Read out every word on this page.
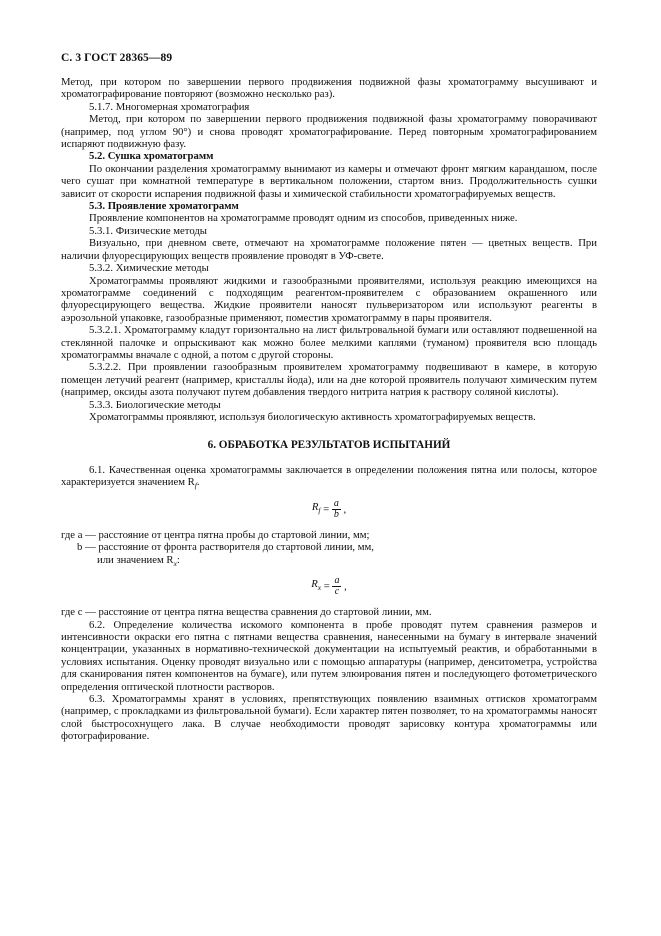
С. 3 ГОСТ 28365—89

Метод, при котором по завершении первого продвижения подвижной фазы хроматограмму высушивают и хроматографирование повторяют (возможно несколько раз).

5.1.7. Многомерная хроматография

Метод, при котором по завершении первого продвижения подвижной фазы хроматограмму поворачивают (например, под углом 90°) и снова проводят хроматографирование. Перед повторным хроматографированием испаряют подвижную фазу.

5.2. Сушка хроматограмм

По окончании разделения хроматограмму вынимают из камеры и отмечают фронт мягким карандашом, после чего сушат при комнатной температуре в вертикальном положении, стартом вниз. Продолжительность сушки зависит от скорости испарения подвижной фазы и химической стабильности хроматографируемых веществ.

5.3. Проявление хроматограмм

Проявление компонентов на хроматограмме проводят одним из способов, приведенных ниже.

5.3.1. Физические методы

Визуально, при дневном свете, отмечают на хроматограмме положение пятен — цветных веществ. При наличии флуоресцирующих веществ проявление проводят в УФ-свете.

5.3.2. Химические методы

Хроматограммы проявляют жидкими и газообразными проявителями, используя реакцию имеющихся на хроматограмме соединений с подходящим реагентом-проявителем с образованием окрашенного или флуоресцирующего вещества. Жидкие проявители наносят пульверизатором или используют реагенты в аэрозольной упаковке, газообразные применяют, поместив хроматограмму в пары проявителя.

5.3.2.1. Хроматограмму кладут горизонтально на лист фильтровальной бумаги или оставляют подвешенной на стеклянной палочке и опрыскивают как можно более мелкими каплями (туманом) проявителя всю площадь хроматограммы вначале с одной, а потом с другой стороны.

5.3.2.2. При проявлении газообразным проявителем хроматограмму подвешивают в камере, в которую помещен летучий реагент (например, кристаллы йода), или на дне которой проявитель получают химическим путем (например, оксиды азота получают путем добавления твердого нитрита натрия к раствору соляной кислоты).

5.3.3. Биологические методы

Хроматограммы проявляют, используя биологическую активность хроматографируемых веществ.

6. ОБРАБОТКА РЕЗУЛЬТАТОВ ИСПЫТАНИЙ

6.1. Качественная оценка хроматограммы заключается в определении положения пятна или полосы, которое характеризуется значением $R_f$.

$R_f = \frac{a}{b}$ ,
где a — расстояние от центра пятна пробы до стартовой линии, мм;
b — расстояние от фронта растворителя до стартовой линии, мм,
или значением $R_x$:
$R_x = \frac{a}{c}$ ,

где c — расстояние от центра пятна вещества сравнения до стартовой линии, мм.

6.2. Определение количества искомого компонента в пробе проводят путем сравнения размеров и интенсивности окраски его пятна с пятнами вещества сравнения, нанесенными на бумагу в интервале значений концентрации, указанных в нормативно-технической документации на испытуемый реактив, и обработанными в условиях испытания. Оценку проводят визуально или с помощью аппаратуры (например, денситометра, устройства для сканирования пятен компонентов на бумаге), или путем элюирования пятен и последующего фотометрического определения оптической плотности растворов.

6.3. Хроматограммы хранят в условиях, препятствующих появлению взаимных оттисков хроматограмм (например, с прокладками из фильтровальной бумаги). Если характер пятен позволяет, то на хроматограммы наносят слой быстросохнущего лака. В случае необходимости проводят зарисовку контура хроматограммы или фотографирование.
